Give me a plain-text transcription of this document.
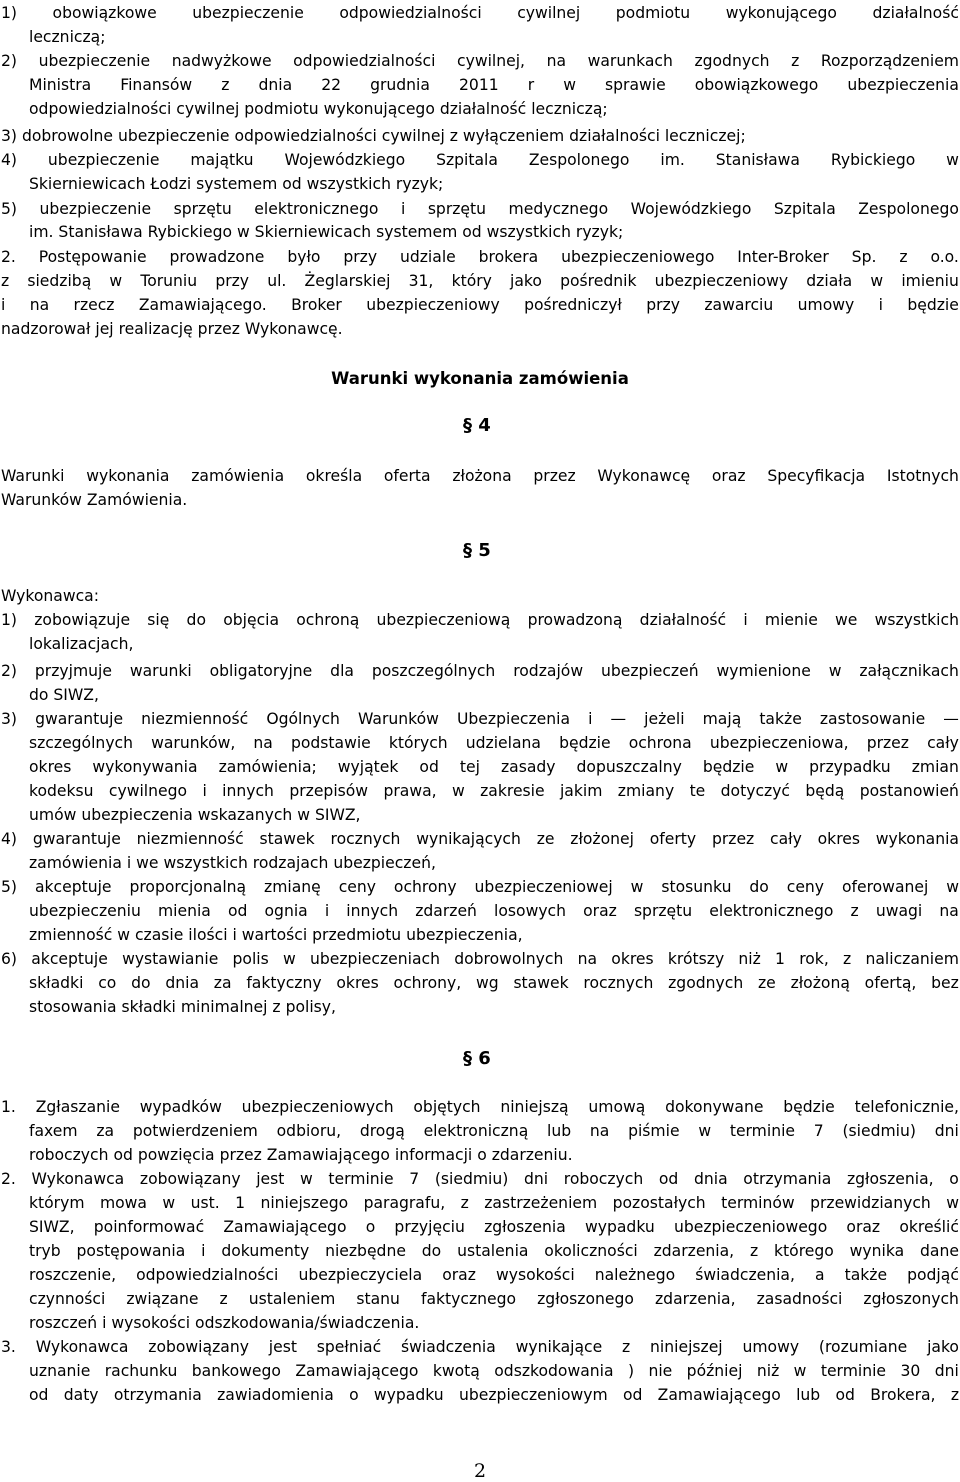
1) obowiązkowe ubezpieczenie odpowiedzialności cywilnej podmiotu wykonującego działalność
leczniczą;
2) ubezpieczenie nadwyżkowe odpowiedzialności cywilnej, na warunkach zgodnych z Rozporządzeniem
Ministra Finansów z dnia 22 grudnia 2011 r w sprawie obowiązkowego ubezpieczenia
odpowiedzialności cywilnej podmiotu wykonującego działalność leczniczą;
3) dobrowolne ubezpieczenie odpowiedzialności cywilnej z wyłączeniem działalności leczniczej;
4) ubezpieczenie majątku Wojewódzkiego Szpitala Zespolonego im. Stanisława Rybickiego w
Skierniewicach Łodzi systemem od wszystkich ryzyk;
5) ubezpieczenie sprzętu elektronicznego i sprzętu medycznego Wojewódzkiego Szpitala Zespolonego
im. Stanisława Rybickiego w Skierniewicach systemem od wszystkich ryzyk;
2. Postępowanie prowadzone było przy udziale brokera ubezpieczeniowego Inter-Broker Sp. z o.o.
z siedzibą w Toruniu przy ul. Żeglarskiej 31, który jako pośrednik ubezpieczeniowy działa w imieniu
i na rzecz Zamawiającego. Broker ubezpieczeniowy pośredniczył przy zawarciu umowy i będzie
nadzorował jej realizację przez Wykonawcę.
Warunki wykonania zamówienia określa oferta złożona przez Wykonawcę oraz Specyfikacja Istotnych
Warunków Zamówienia.
Wykonawca:
1) zobowiązuje się do objęcia ochroną ubezpieczeniową prowadzoną działalność i mienie we wszystkich
lokalizacjach,
2) przyjmuje warunki obligatoryjne dla poszczególnych rodzajów ubezpieczeń wymienione w załącznikach
do SIWZ,
3) gwarantuje niezmienność Ogólnych Warunków Ubezpieczenia i — jeżeli mają także zastosowanie —
szczególnych warunków, na podstawie których udzielana będzie ochrona ubezpieczeniowa, przez cały
okres wykonywania zamówienia; wyjątek od tej zasady dopuszczalny będzie w przypadku zmian
kodeksu cywilnego i innych przepisów prawa, w zakresie jakim zmiany te dotyczyć będą postanowień
umów ubezpieczenia wskazanych w SIWZ,
4) gwarantuje niezmienność stawek rocznych wynikających ze złożonej oferty przez cały okres wykonania
zamówienia i we wszystkich rodzajach ubezpieczeń,
5) akceptuje proporcjonalną zmianę ceny ochrony ubezpieczeniowej w stosunku do ceny oferowanej w
ubezpieczeniu mienia od ognia i innych zdarzeń losowych oraz sprzętu elektronicznego z uwagi na
zmienność w czasie ilości i wartości przedmiotu ubezpieczenia,
6) akceptuje wystawianie polis w ubezpieczeniach dobrowolnych na okres krótszy niż 1 rok, z naliczaniem
składki co do dnia za faktyczny okres ochrony, wg stawek rocznych zgodnych ze złożoną ofertą, bez
stosowania składki minimalnej z polisy,
1. Zgłaszanie wypadków ubezpieczeniowych objętych niniejszą umową dokonywane będzie telefonicznie,
faxem za potwierdzeniem odbioru, drogą elektroniczną lub na piśmie w terminie 7 (siedmiu) dni
roboczych od powzięcia przez Zamawiającego informacji o zdarzeniu.
2. Wykonawca zobowiązany jest w terminie 7 (siedmiu) dni roboczych od dnia otrzymania zgłoszenia, o
którym mowa w ust. 1 niniejszego paragrafu, z zastrzeżeniem pozostałych terminów przewidzianych w
SIWZ, poinformować Zamawiającego o przyjęciu zgłoszenia wypadku ubezpieczeniowego oraz określić
tryb postępowania i dokumenty niezbędne do ustalenia okoliczności zdarzenia, z którego wynika dane
roszczenie, odpowiedzialności ubezpieczyciela oraz wysokości należnego świadczenia, a także podjąć
czynności związane z ustaleniem stanu faktycznego zgłoszonego zdarzenia, zasadności zgłoszonych
roszczeń i wysokości odszkodowania/świadczenia.
3. Wykonawca zobowiązany jest spełniać świadczenia wynikające z niniejszej umowy (rozumiane jako
uznanie rachunku bankowego Zamawiającego kwotą odszkodowania ) nie później niż w terminie 30 dni
od daty otrzymania zawiadomienia o wypadku ubezpieczeniowym od Zamawiającego lub od Brokera, z
Warunki wykonania zamówienia
§ 4
§ 5
§ 6
2
